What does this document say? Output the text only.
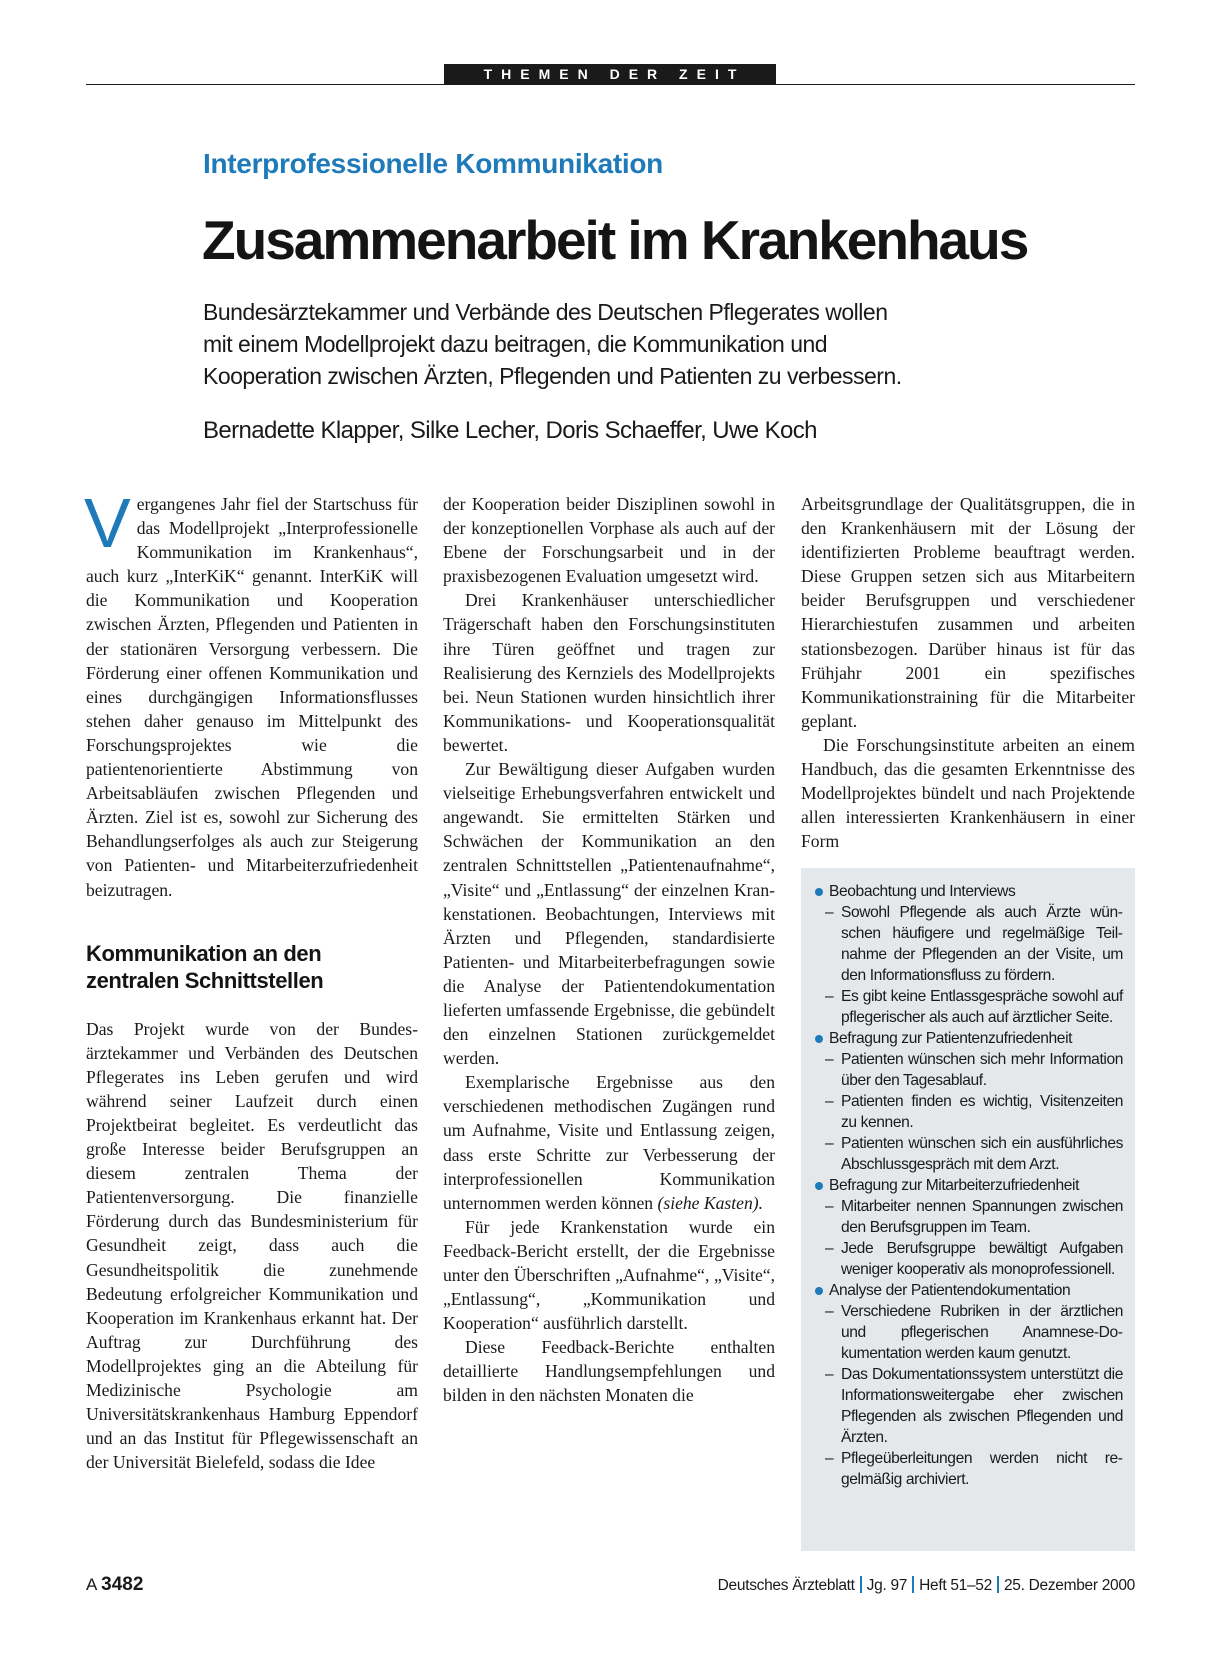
THEMEN DER ZEIT
Interprofessionelle Kommunikation
Zusammenarbeit im Krankenhaus
Bundesärztekammer und Verbände des Deutschen Pflegerates wollen
mit einem Modellprojekt dazu beitragen, die Kommunikation und
Kooperation zwischen Ärzten, Pflegenden und Patienten zu verbessern.
Bernadette Klapper, Silke Lecher, Doris Schaeffer, Uwe Koch

Vergangenes Jahr fiel der Startschuss für das Modellprojekt „Interprofessionelle Kommunikation im Krankenhaus“, auch kurz „InterKiK“ genannt. InterKiK will die Kommunikation und Kooperation zwischen Ärzten, Pflegenden und Patienten in der stationären Versorgung verbessern. Die Förderung einer offenen Kommunikation und eines durchgängigen Informationsflusses stehen daher genauso im Mittelpunkt des Forschungsprojektes wie die patientenorientierte Abstimmung von Arbeitsabläufen zwischen Pflegenden und Ärzten. Ziel ist es, sowohl zur Sicherung des Behandlungserfolges als auch zur Steigerung von Patienten- und Mitarbeiterzufriedenheit beizutragen.

Kommunikation an den zentralen Schnittstellen

Das Projekt wurde von der Bundesärztekammer und Verbänden des Deutschen Pflegerates ins Leben gerufen und wird während seiner Laufzeit durch einen Projektbeirat begleitet. Es verdeutlicht das große Interesse beider Berufsgruppen an diesem zentralen Thema der Patientenversorgung. Die finanzielle Förderung durch das Bundesministerium für Gesundheit zeigt, dass auch die Gesundheitspolitik die zunehmende Bedeutung erfolgreicher Kommunikation und Kooperation im Krankenhaus erkannt hat. Der Auftrag zur Durchführung des Modellprojektes ging an die Abteilung für Medizinische Psychologie am Universitätskrankenhaus Hamburg Eppendorf und an das Institut für Pflegewissenschaft an der Universität Bielefeld, sodass die Idee

der Kooperation beider Disziplinen sowohl in der konzeptionellen Vorphase als auch auf der Ebene der Forschungsarbeit und in der praxisbezogenen Evaluation umgesetzt wird.

Drei Krankenhäuser unterschiedlicher Trägerschaft haben den Forschungsinstituten ihre Türen geöffnet und tragen zur Realisierung des Kernziels des Modellprojekts bei. Neun Stationen wurden hinsichtlich ihrer Kommunikations- und Kooperationsqualität bewertet.

Zur Bewältigung dieser Aufgaben wurden vielseitige Erhebungsverfahren entwickelt und angewandt. Sie ermittelten Stärken und Schwächen der Kommunikation an den zentralen Schnittstellen „Patientenaufnahme“, „Visite“ und „Entlassung“ der einzelnen Krankenstationen. Beobachtungen, Interviews mit Ärzten und Pflegenden, standardisierte Patienten- und Mitarbeiterbefragungen sowie die Analyse der Patientendokumentation lieferten umfassende Ergebnisse, die gebündelt den einzelnen Stationen zurückgemeldet werden.

Exemplarische Ergebnisse aus den verschiedenen methodischen Zugängen rund um Aufnahme, Visite und Entlassung zeigen, dass erste Schritte zur Verbesserung der interprofessionellen Kommunikation unternommen werden können (siehe Kasten).

Für jede Krankenstation wurde ein Feedback-Bericht erstellt, der die Ergebnisse unter den Überschriften „Aufnahme“, „Visite“, „Entlassung“, „Kommunikation und Kooperation“ ausführlich darstellt.

Diese Feedback-Berichte enthalten detaillierte Handlungsempfehlungen und bilden in den nächsten Monaten die

Arbeitsgrundlage der Qualitätsgruppen, die in den Krankenhäusern mit der Lösung der identifizierten Probleme beauftragt werden. Diese Gruppen setzen sich aus Mitarbeitern beider Berufsgruppen und verschiedener Hierarchiestufen zusammen und arbeiten stationsbezogen. Darüber hinaus ist für das Frühjahr 2001 ein spezifisches Kommunikationstraining für die Mitarbeiter geplant.

Die Forschungsinstitute arbeiten an einem Handbuch, das die gesamten Erkenntnisse des Modellprojektes bündelt und nach Projektende allen interessierten Krankenhäusern in einer Form

Beobachtung und Interviews
– Sowohl Pflegende als auch Ärzte wünschen häufigere und regelmäßige Teilnahme der Pflegenden an der Visite, um den Informationsfluss zu fördern.
– Es gibt keine Entlassgespräche sowohl auf pflegerischer als auch auf ärztlicher Seite.
Befragung zur Patientenzufriedenheit
– Patienten wünschen sich mehr Information über den Tagesablauf.
– Patienten finden es wichtig, Visitenzeiten zu kennen.
– Patienten wünschen sich ein ausführliches Abschlussgespräch mit dem Arzt.
Befragung zur Mitarbeiterzufriedenheit
– Mitarbeiter nennen Spannungen zwischen den Berufsgruppen im Team.
– Jede Berufsgruppe bewältigt Aufgaben weniger kooperativ als monoprofessionell.
Analyse der Patientendokumentation
– Verschiedene Rubriken in der ärztlichen und pflegerischen Anamnese-Dokumentation werden kaum genutzt.
– Das Dokumentationssystem unterstützt die Informationsweitergabe eher zwischen Pflegenden als zwischen Pflegenden und Ärzten.
– Pflegeüberleitungen werden nicht regelmäßig archiviert.
A 3482	Deutsches Ärzteblatt Jg. 97 Heft 51–52 25. Dezember 2000
